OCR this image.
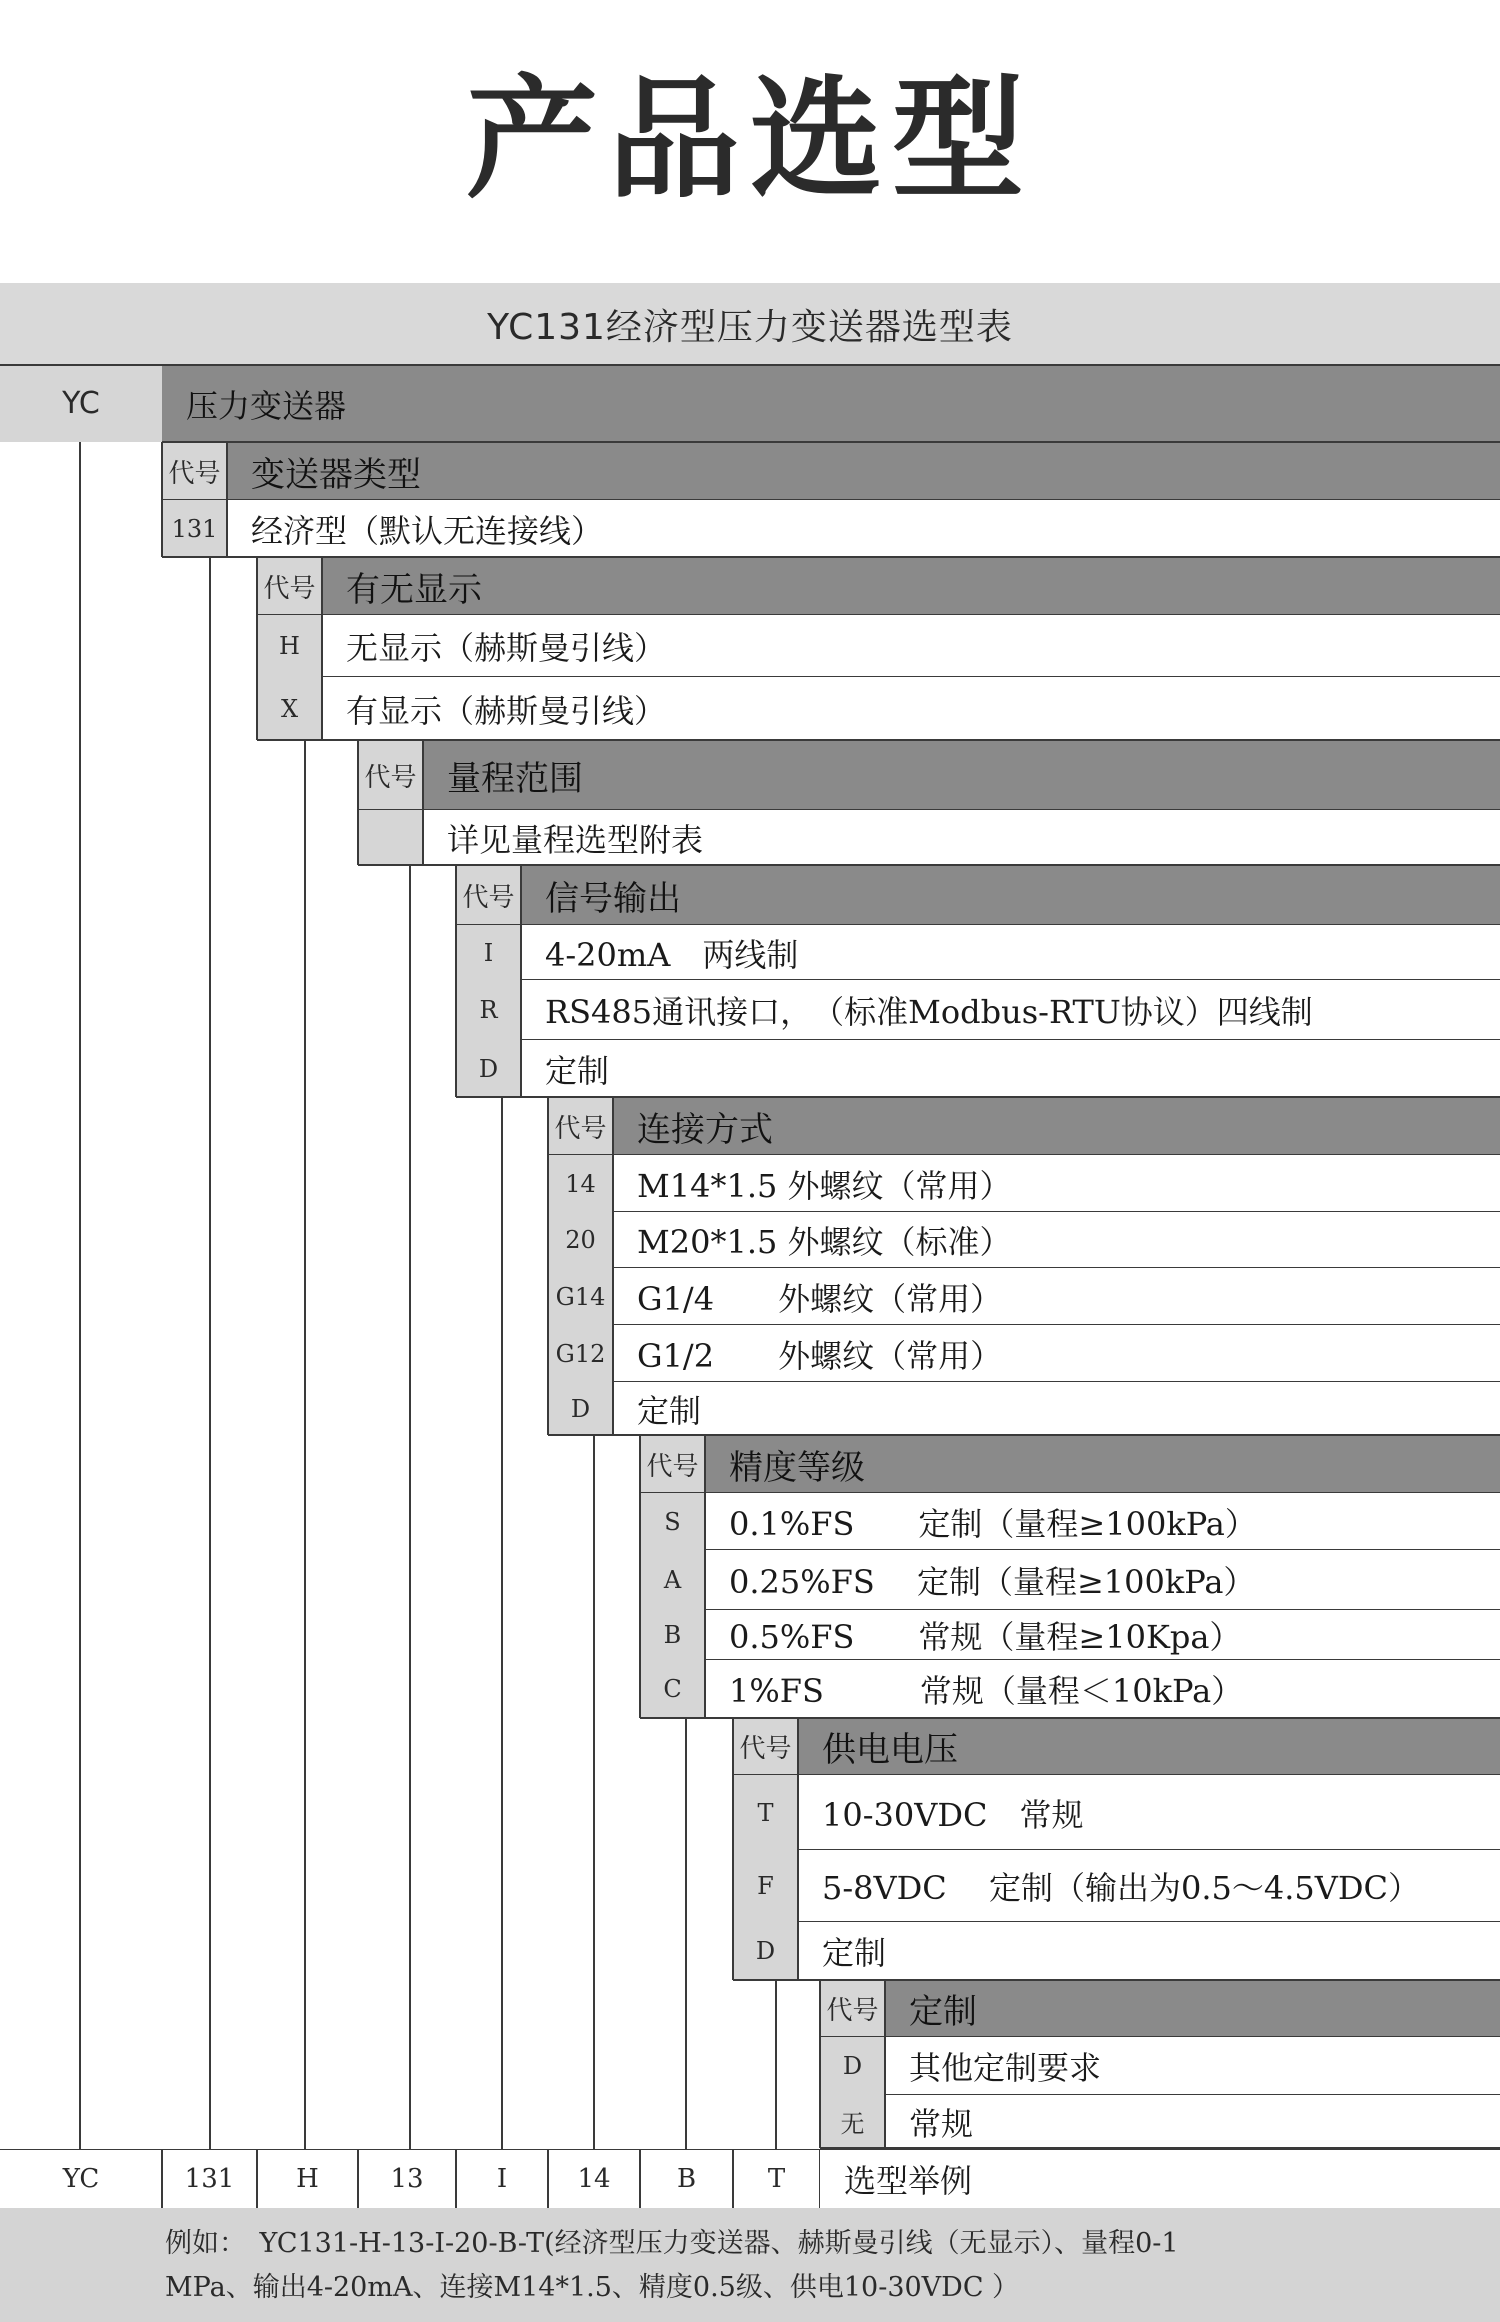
产品选型
YC131经济型压力变送器选型表
YC	压力变送器
代号 变送器类型
131	经济型（默认无连接线）
代号 有无显示
H	无显示（赫斯曼引线）
X	有显示（赫斯曼引线）
代号 量程范围
详见量程选型附表
代号 信号输出
I	4-20mA　两线制
R	RS485通讯接口，　（标准Modbus-RTU协议）四线制
D	定制
代号 连接方式
14	M14*1.5 外螺纹（常用）
20	M20*1.5 外螺纹（标准）
G14 G1/4　　外螺纹（常用）
G12 G1/2　　外螺纹（常用）
D	定制
代号 精度等级
S	0.1%FS　　定制（量程≥100kPa）
A	0.25%FS　 定制（量程≥100kPa）
B	0.5%FS　　常规（量程≥10Kpa）
C	1%FS　　　常规（量程＜10kPa）
代号 供电电压
T	10-30VDC　常规
F	5-8VDC　 定制（输出为0.5～4.5VDC）
D	定制
代号 定制
D	其他定制要求
无	常规
YC	131	H	13	I	14	B	T	选型举例
例如：　YC131-H-13-I-20-B-T(经济型压力变送器、赫斯曼引线（无显示）、量程0-1
MPa、输出4-20mA、连接M14*1.5、精度0.5级、供电10-30VDC ）
